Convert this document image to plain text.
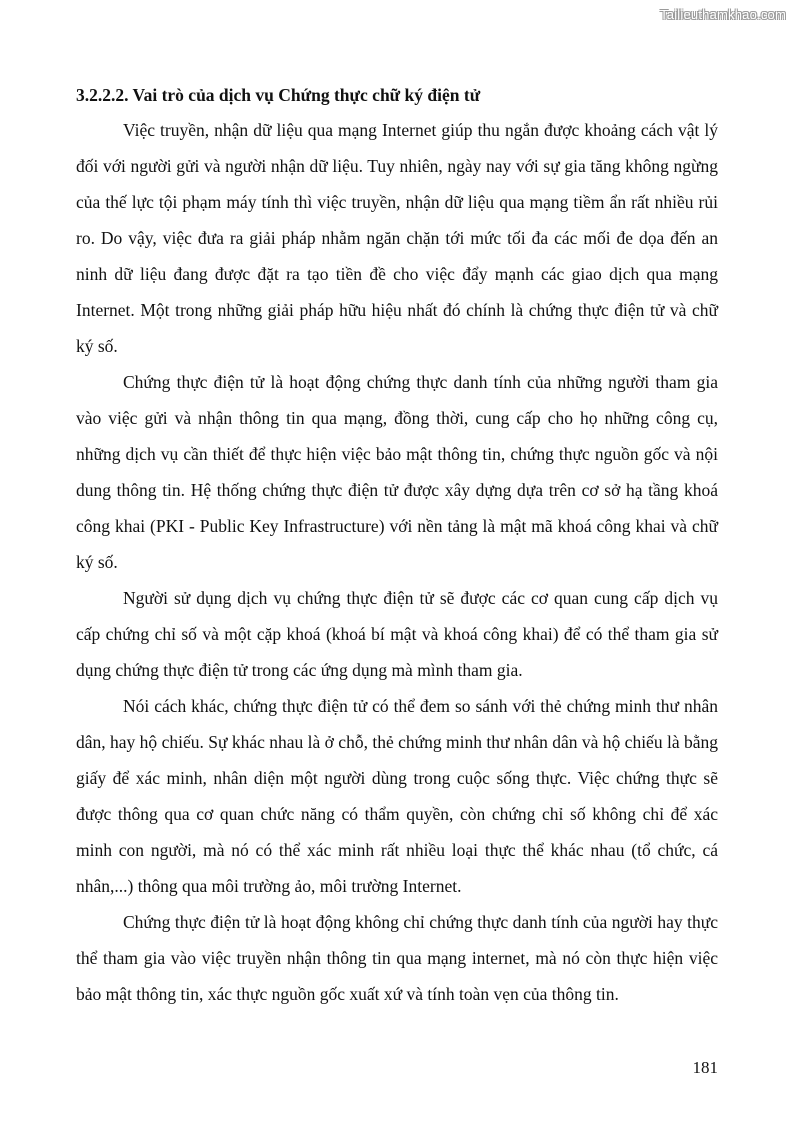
Tailieuthamkhao.com
3.2.2.2. Vai trò của dịch vụ Chứng thực chữ ký điện tử

Việc truyền, nhận dữ liệu qua mạng Internet giúp thu ngắn được khoảng cách vật lý đối với người gửi và người nhận dữ liệu. Tuy nhiên, ngày nay với sự gia tăng không ngừng của thế lực tội phạm máy tính thì việc truyền, nhận dữ liệu qua mạng tiềm ẩn rất nhiều rủi ro. Do vậy, việc đưa ra giải pháp nhằm ngăn chặn tới mức tối đa các mối đe dọa đến an ninh dữ liệu đang được đặt ra tạo tiền đề cho việc đẩy mạnh các giao dịch qua mạng Internet. Một trong những giải pháp hữu hiệu nhất đó chính là chứng thực điện tử và chữ ký số.

Chứng thực điện tử là hoạt động chứng thực danh tính của những người tham gia vào việc gửi và nhận thông tin qua mạng, đồng thời, cung cấp cho họ những công cụ, những dịch vụ cần thiết để thực hiện việc bảo mật thông tin, chứng thực nguồn gốc và nội dung thông tin. Hệ thống chứng thực điện tử được xây dựng dựa trên cơ sở hạ tầng khoá công khai (PKI - Public Key Infrastructure) với nền tảng là mật mã khoá công khai và chữ ký số.

Người sử dụng dịch vụ chứng thực điện tử sẽ được các cơ quan cung cấp dịch vụ cấp chứng chỉ số và một cặp khoá (khoá bí mật và khoá công khai) để có thể tham gia sử dụng chứng thực điện tử trong các ứng dụng mà mình tham gia.

Nói cách khác, chứng thực điện tử có thể đem so sánh với thẻ chứng minh thư nhân dân, hay hộ chiếu. Sự khác nhau là ở chỗ, thẻ chứng minh thư nhân dân và hộ chiếu là bằng giấy để xác minh, nhân diện một người dùng trong cuộc sống thực. Việc chứng thực sẽ được thông qua cơ quan chức năng có thẩm quyền, còn chứng chỉ số không chỉ để xác minh con người, mà nó có thể xác minh rất nhiều loại thực thể khác nhau (tổ chức, cá nhân,...) thông qua môi trường ảo, môi trường Internet.

Chứng thực điện tử là hoạt động không chỉ chứng thực danh tính của người hay thực thể tham gia vào việc truyền nhận thông tin qua mạng internet, mà nó còn thực hiện việc bảo mật thông tin, xác thực nguồn gốc xuất xứ và tính toàn vẹn của thông tin.

181
